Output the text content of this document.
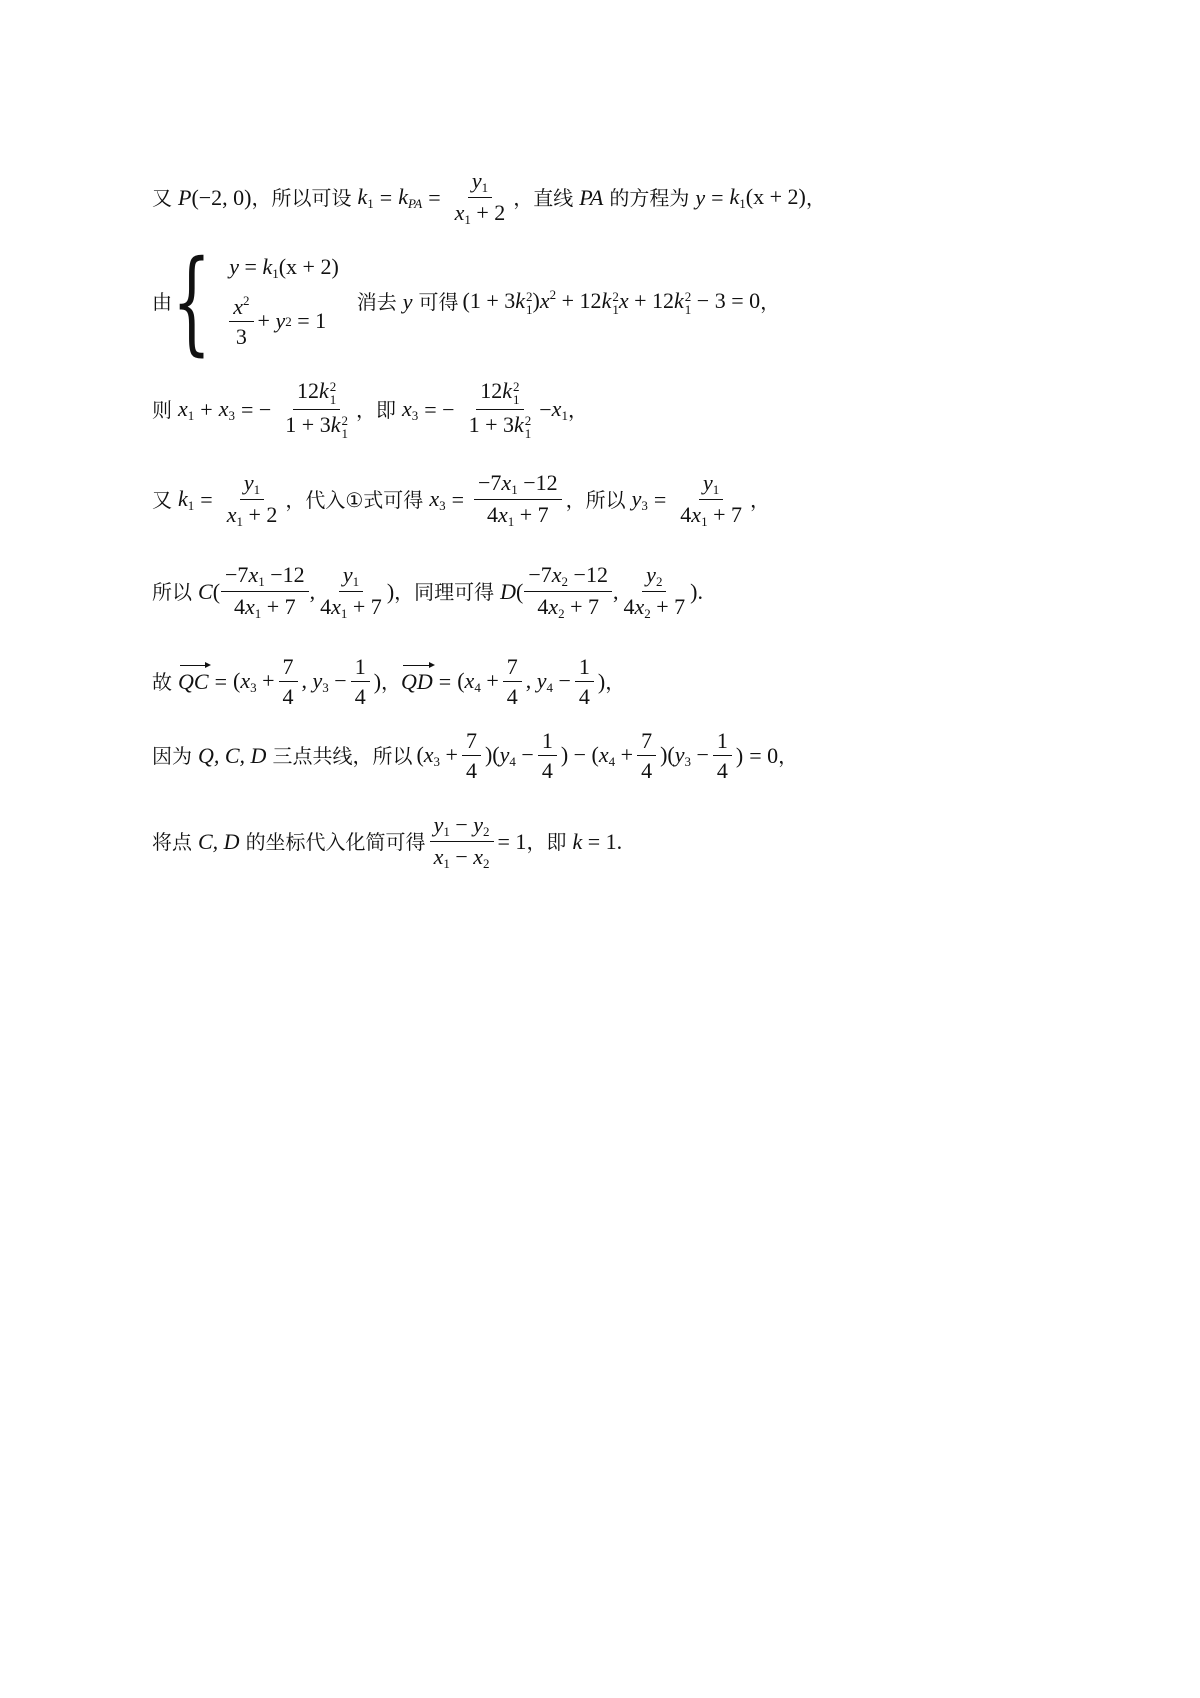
又 P(−2, 0) ， 所以可设 $k_1 = k_{PA} = \frac{y_1}{x_1 + 2}$ ， 直线 PA 的方程为 $y = k_1(x + 2)$ ，
由 { $y = k_1(x + 2)$
$\frac{x^2}{3}$ +
y 2
= 1
消去 y 可得 (1 + 3k 2
1 )$x^2 + 12k$ 2
1 x + 12k 2
1 − 3 = 0 ，
则 $x_1 + x_3$ = − 12k 2
1
1 + 3k 2
1 ， 即 $x_3$ = − 12k 2
1
1 + 3k 2
$1 - x_1$ ，
又 $k_1 = \frac{y_1}{x_1 + 2}$ ， 代入①式可得 $x_3 = \frac{-7x_1 -12}{4x_1 + 7}$ ， 所以 $y_3 = \frac{y_1}{4x_1 + 7}$ ，
所以 $C( \frac{-7x_1 -12}{4x_1 + 7}$ , $\frac{y_1}{4x_1 + 7}$ ) ，同理可得 $D( \frac{-7x_2 -12}{4x_2 + 7}$ , $\frac{y_2}{4x_2 + 7}$ ) .
故 QC = ($x_3 + \frac{7}{4}$ , $y_3 - \frac{1}{4}$ ) ， QD = ($x_4 + \frac{7}{4}$ , $y_4 - \frac{1}{4}$ ) ，
因为 Q, C, D 三点共线，所以 $(x_3 + \frac{7}{4} )(y_4 - \frac{1}{4}$ ) − $(x_4 + \frac{7}{4} )(y_3 - \frac{1}{4}$ ) = 0 ，
将点 C, D 的坐标代入化简可得 $\frac{y_1 - y_2}{x_1 - x_2} = 1$ ， 即 k = 1 .
